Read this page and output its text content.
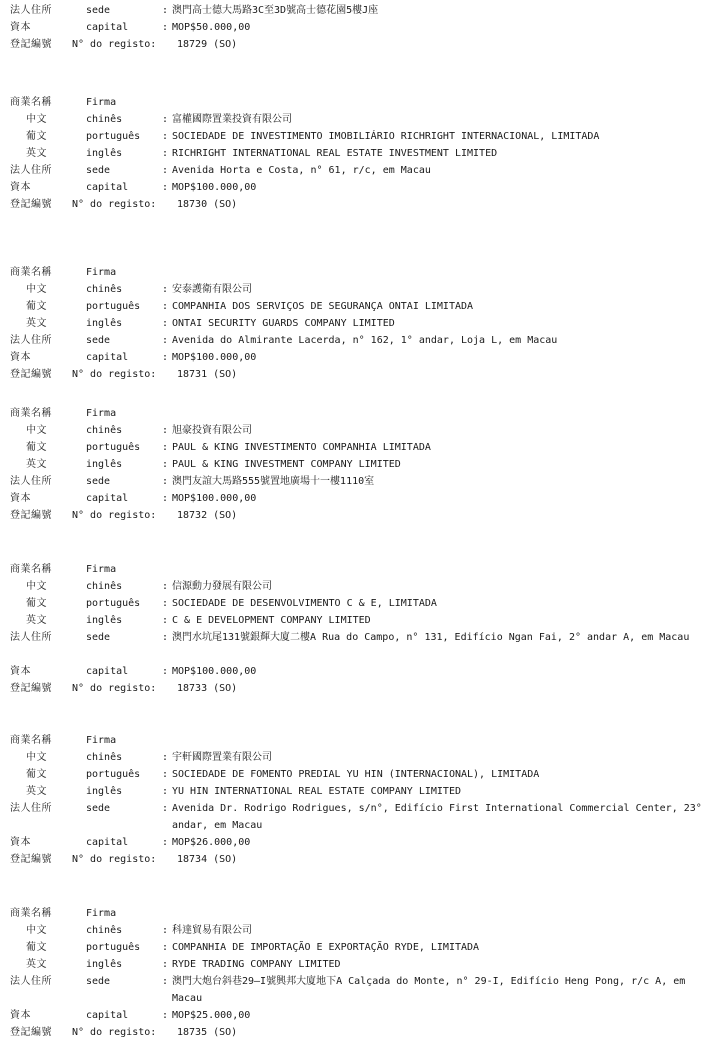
法人住所	sede	: 澳門高士德大馬路3C至3D號高士德花園5樓J座
資本	capital	: MOP$50.000,00
登記編號 N° do registo: 18729 (SO)
商業名稱	Firma
中文	chinês	: 富權國際置業投資有限公司
葡文	português : SOCIEDADE DE INVESTIMENTO IMOBILIÁRIO RICHRIGHT INTERNACIONAL, LIMITADA
英文	inglês	: RICHRIGHT INTERNATIONAL REAL ESTATE INVESTMENT LIMITED
法人住所	sede	: Avenida Horta e Costa, n° 61, r/c, em Macau
資本	capital	: MOP$100.000,00
登記編號 N° do registo: 18730 (SO)
商業名稱	Firma
中文	chinês	: 安泰護衛有限公司
葡文	português : COMPANHIA DOS SERVIÇOS DE SEGURANÇA ONTAI LIMITADA
英文	inglês	: ONTAI SECURITY GUARDS COMPANY LIMITED
法人住所	sede	: Avenida do Almirante Lacerda, n° 162, 1° andar, Loja L, em Macau
資本	capital	: MOP$100.000,00
登記編號 N° do registo: 18731 (SO)
商業名稱	Firma
中文	chinês	: 旭豪投資有限公司
葡文	português : PAUL & KING INVESTIMENTO COMPANHIA LIMITADA
英文	inglês	: PAUL & KING INVESTMENT COMPANY LIMITED
法人住所	sede	: 澳門友誼大馬路555號置地廣場十一樓1110室
資本	capital	: MOP$100.000,00
登記編號 N° do registo: 18732 (SO)
商業名稱	Firma
中文	chinês	: 信源動力發展有限公司
葡文	português : SOCIEDADE DE DESENVOLVIMENTO C & E, LIMITADA
英文	inglês	: C & E DEVELOPMENT COMPANY LIMITED
法人住所	sede	: 澳門水坑尾131號銀輝大廈二樓A Rua do Campo, n° 131, Edifício Ngan Fai, 2° andar A, em Macau
資本	capital	: MOP$100.000,00
登記編號 N° do registo: 18733 (SO)
商業名稱	Firma
中文	chinês	: 宇軒國際置業有限公司
葡文	português : SOCIEDADE DE FOMENTO PREDIAL YU HIN (INTERNACIONAL), LIMITADA
英文	inglês	: YU HIN INTERNATIONAL REAL ESTATE COMPANY LIMITED
法人住所	sede	: Avenida Dr. Rodrigo Rodrigues, s/n°, Edifício First International Commercial Center, 23° andar, em Macau
資本	capital	: MOP$26.000,00
登記編號 N° do registo: 18734 (SO)
商業名稱	Firma
中文	chinês	: 科達貿易有限公司
葡文	português : COMPANHIA DE IMPORTAÇÃO E EXPORTAÇÃO RYDE, LIMITADA
英文	inglês	: RYDE TRADING COMPANY LIMITED
法人住所	sede	: 澳門大炮台斜巷29—I號興邦大廈地下A Calçada do Monte, n° 29-I, Edifício Heng Pong, r/c A, em Macau
資本	capital	: MOP$25.000,00
登記編號 N° do registo: 18735 (SO)
